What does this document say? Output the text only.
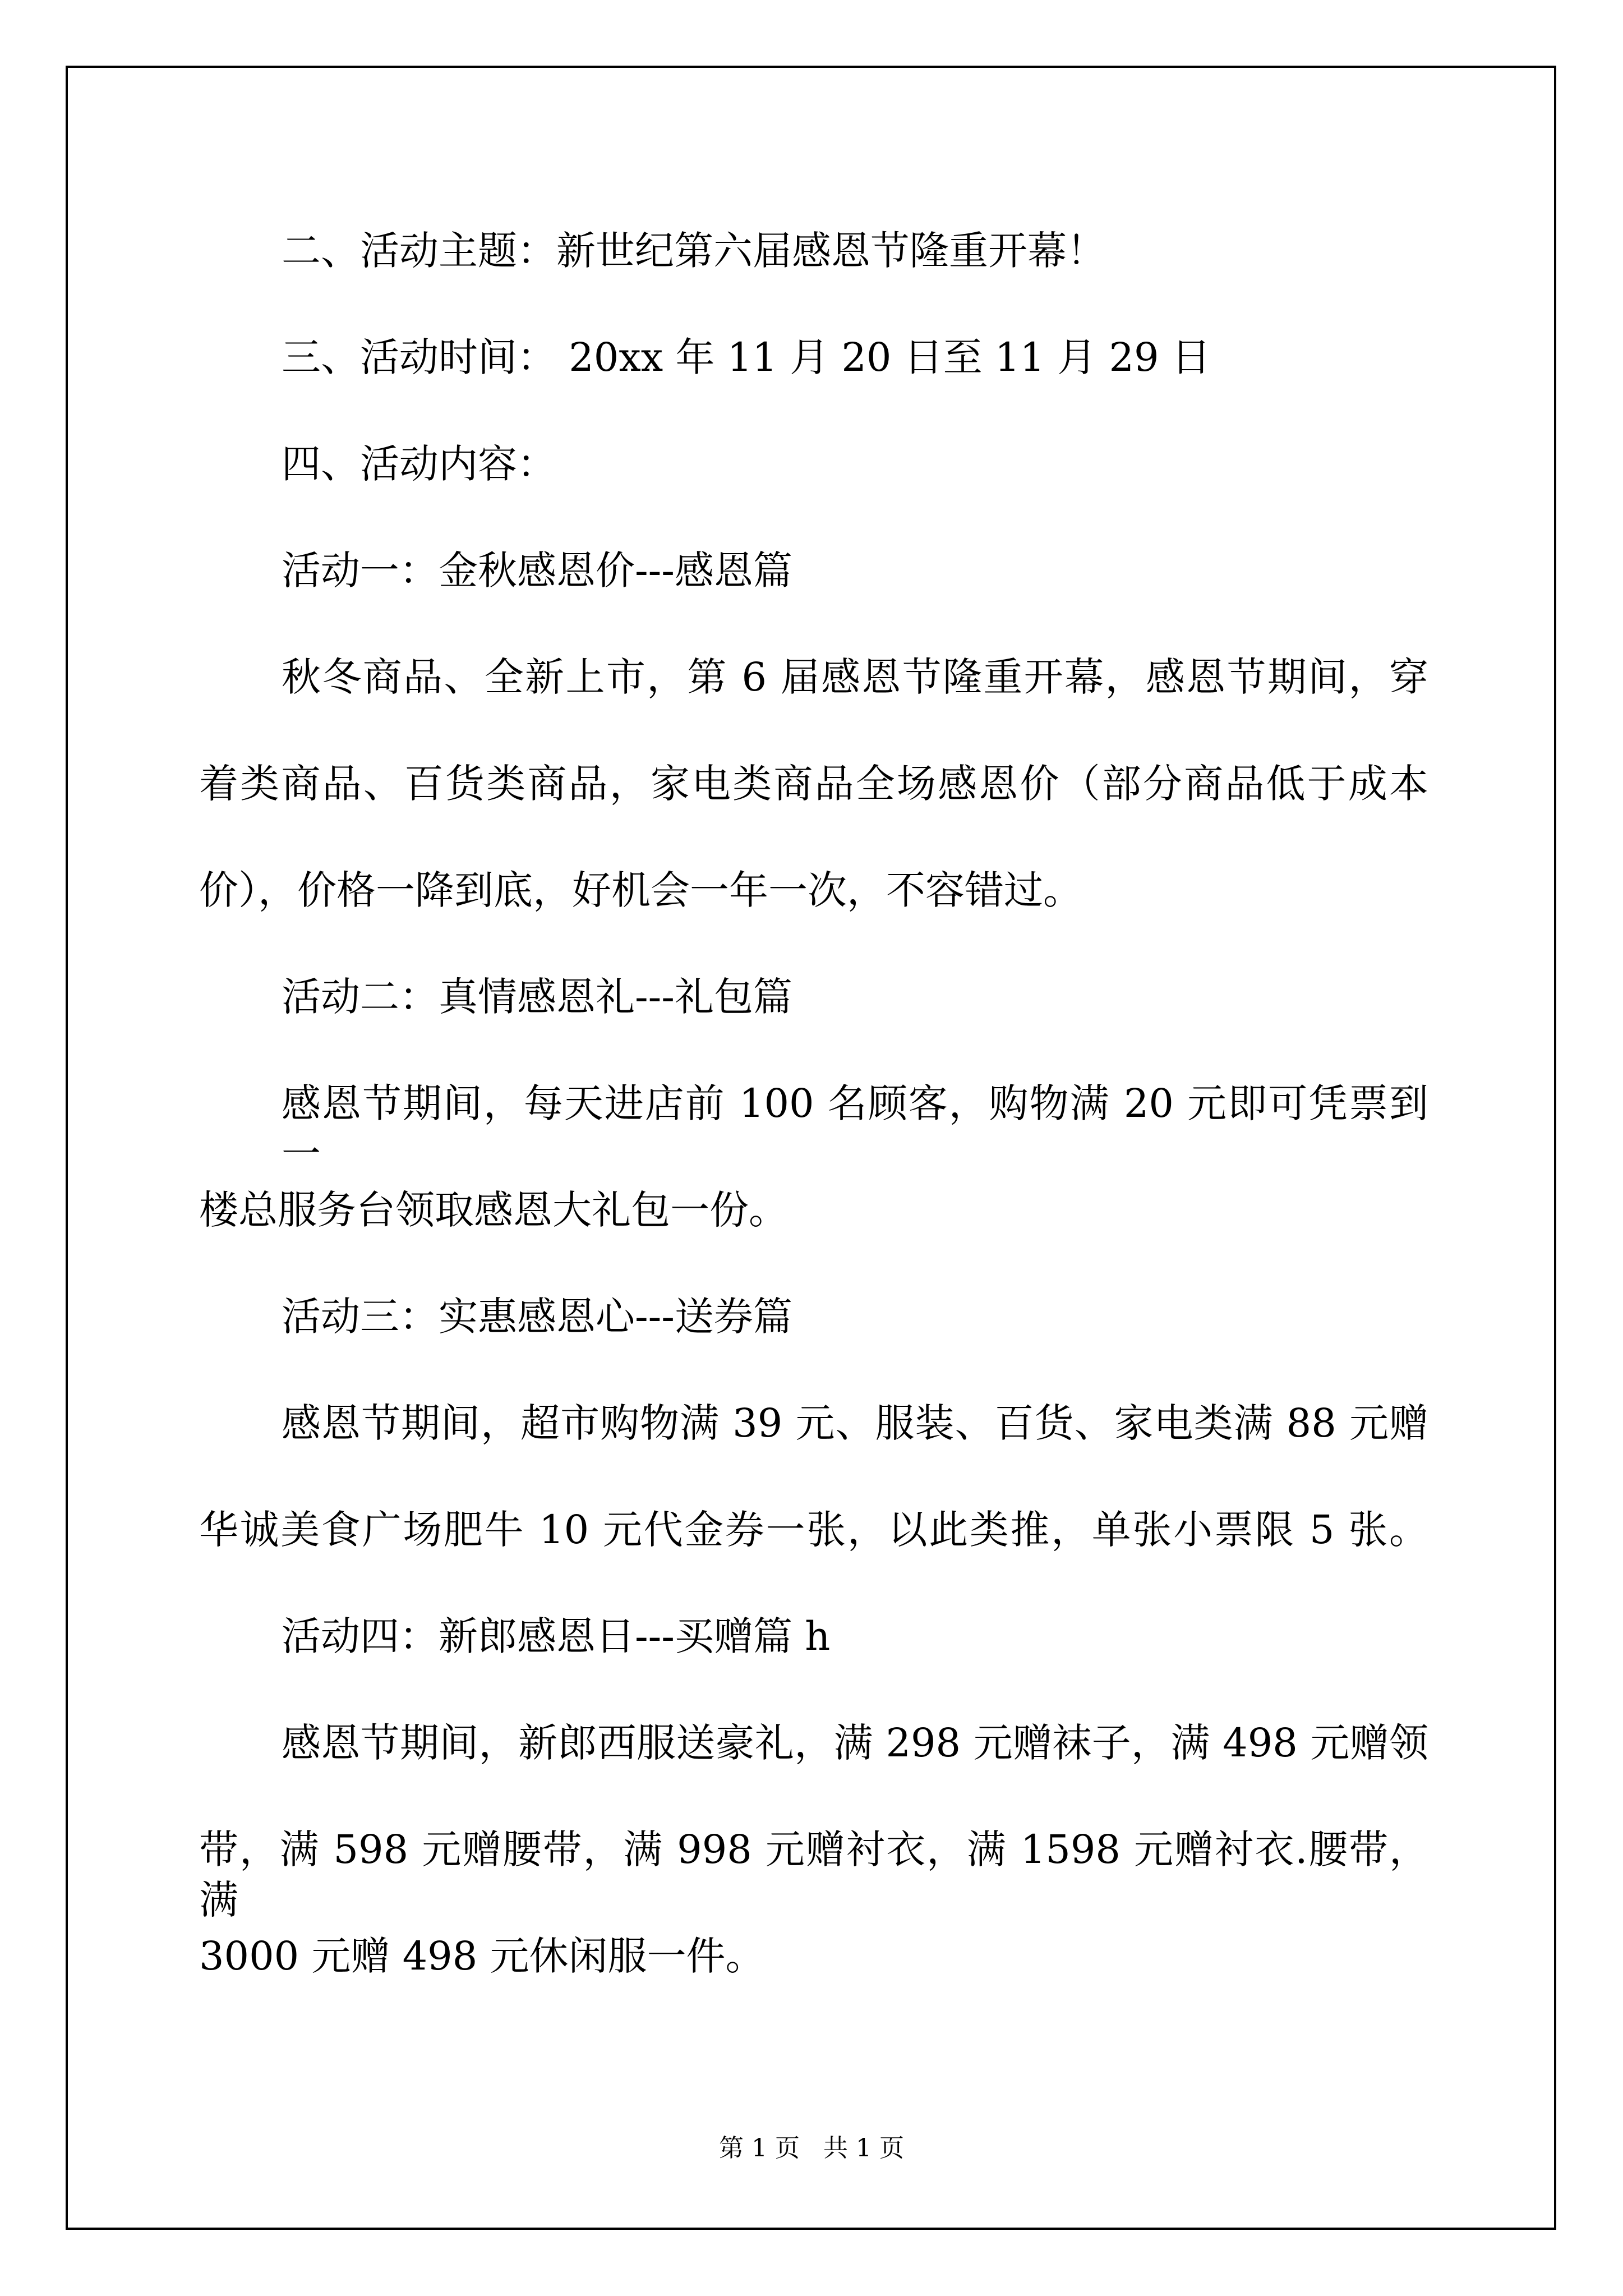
二、活动主题：新世纪第六届感恩节隆重开幕！

三、活动时间： 20xx 年 11 月 20 日至 11 月 29 日

四、活动内容：

活动一：金秋感恩价---感恩篇

秋冬商品、全新上市，第 6 届感恩节隆重开幕，感恩节期间，穿

着类商品、百货类商品，家电类商品全场感恩价（部分商品低于成本

价），价格一降到底，好机会一年一次，不容错过。

活动二：真情感恩礼---礼包篇

感恩节期间，每天进店前 100 名顾客，购物满 20 元即可凭票到一

楼总服务台领取感恩大礼包一份。

活动三：实惠感恩心---送券篇

感恩节期间，超市购物满 39 元、服装、百货、家电类满 88 元赠

华诚美食广场肥牛 10 元代金券一张，以此类推，单张小票限 5 张。

活动四：新郎感恩日---买赠篇 h

感恩节期间，新郎西服送豪礼，满 298 元赠袜子，满 498 元赠领

带，满 598 元赠腰带，满 998 元赠衬衣，满 1598 元赠衬衣.腰带，满

3000 元赠 498 元休闲服一件。

第 1 页   共 1 页
